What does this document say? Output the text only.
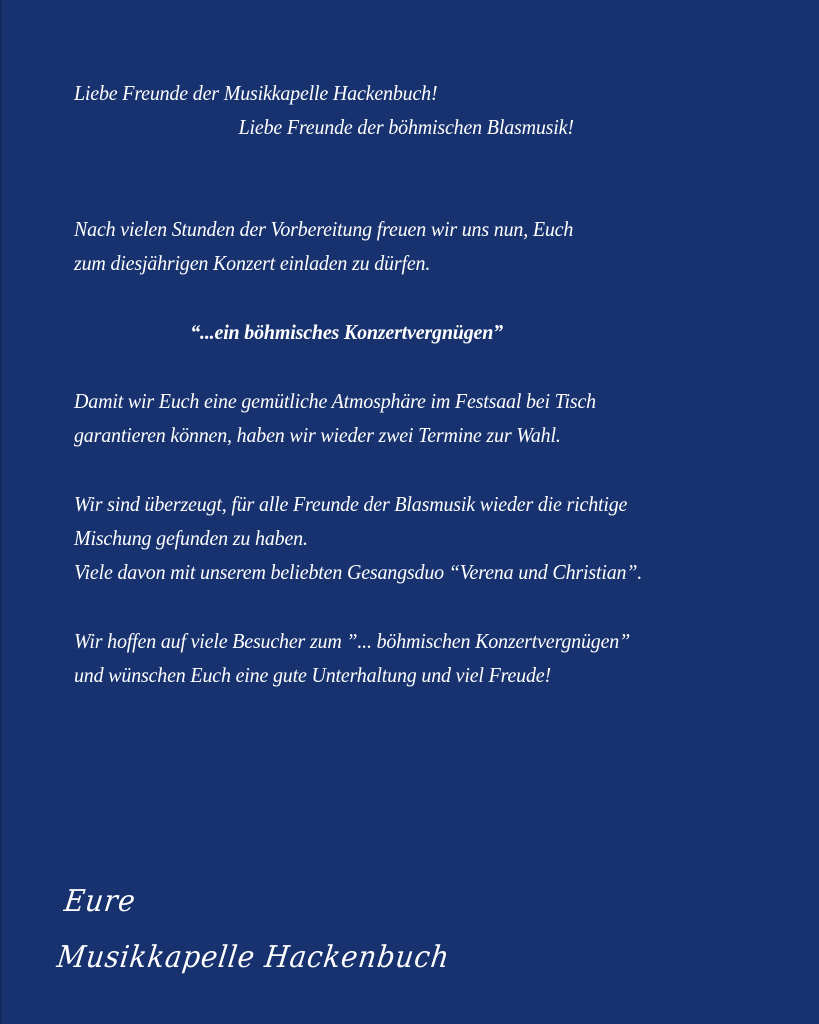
Liebe Freunde der Musikkapelle Hackenbuch!
Liebe Freunde der böhmischen Blasmusik!
Nach vielen Stunden der Vorbereitung freuen wir uns nun, Euch
zum diesjährigen Konzert einladen zu dürfen.
“...ein böhmisches Konzertvergnügen”
Damit wir Euch eine gemütliche Atmosphäre im Festsaal bei Tisch
garantieren können, haben wir wieder zwei Termine zur Wahl.
Wir sind überzeugt, für alle Freunde der Blasmusik wieder die richtige
Mischung gefunden zu haben.
Viele davon mit unserem beliebten Gesangsduo “Verena und Christian”.
Wir hoffen auf viele Besucher zum ”... böhmischen Konzertvergnügen”
und wünschen Euch eine gute Unterhaltung und viel Freude!
Eure
Musikkapelle Hackenbuch
